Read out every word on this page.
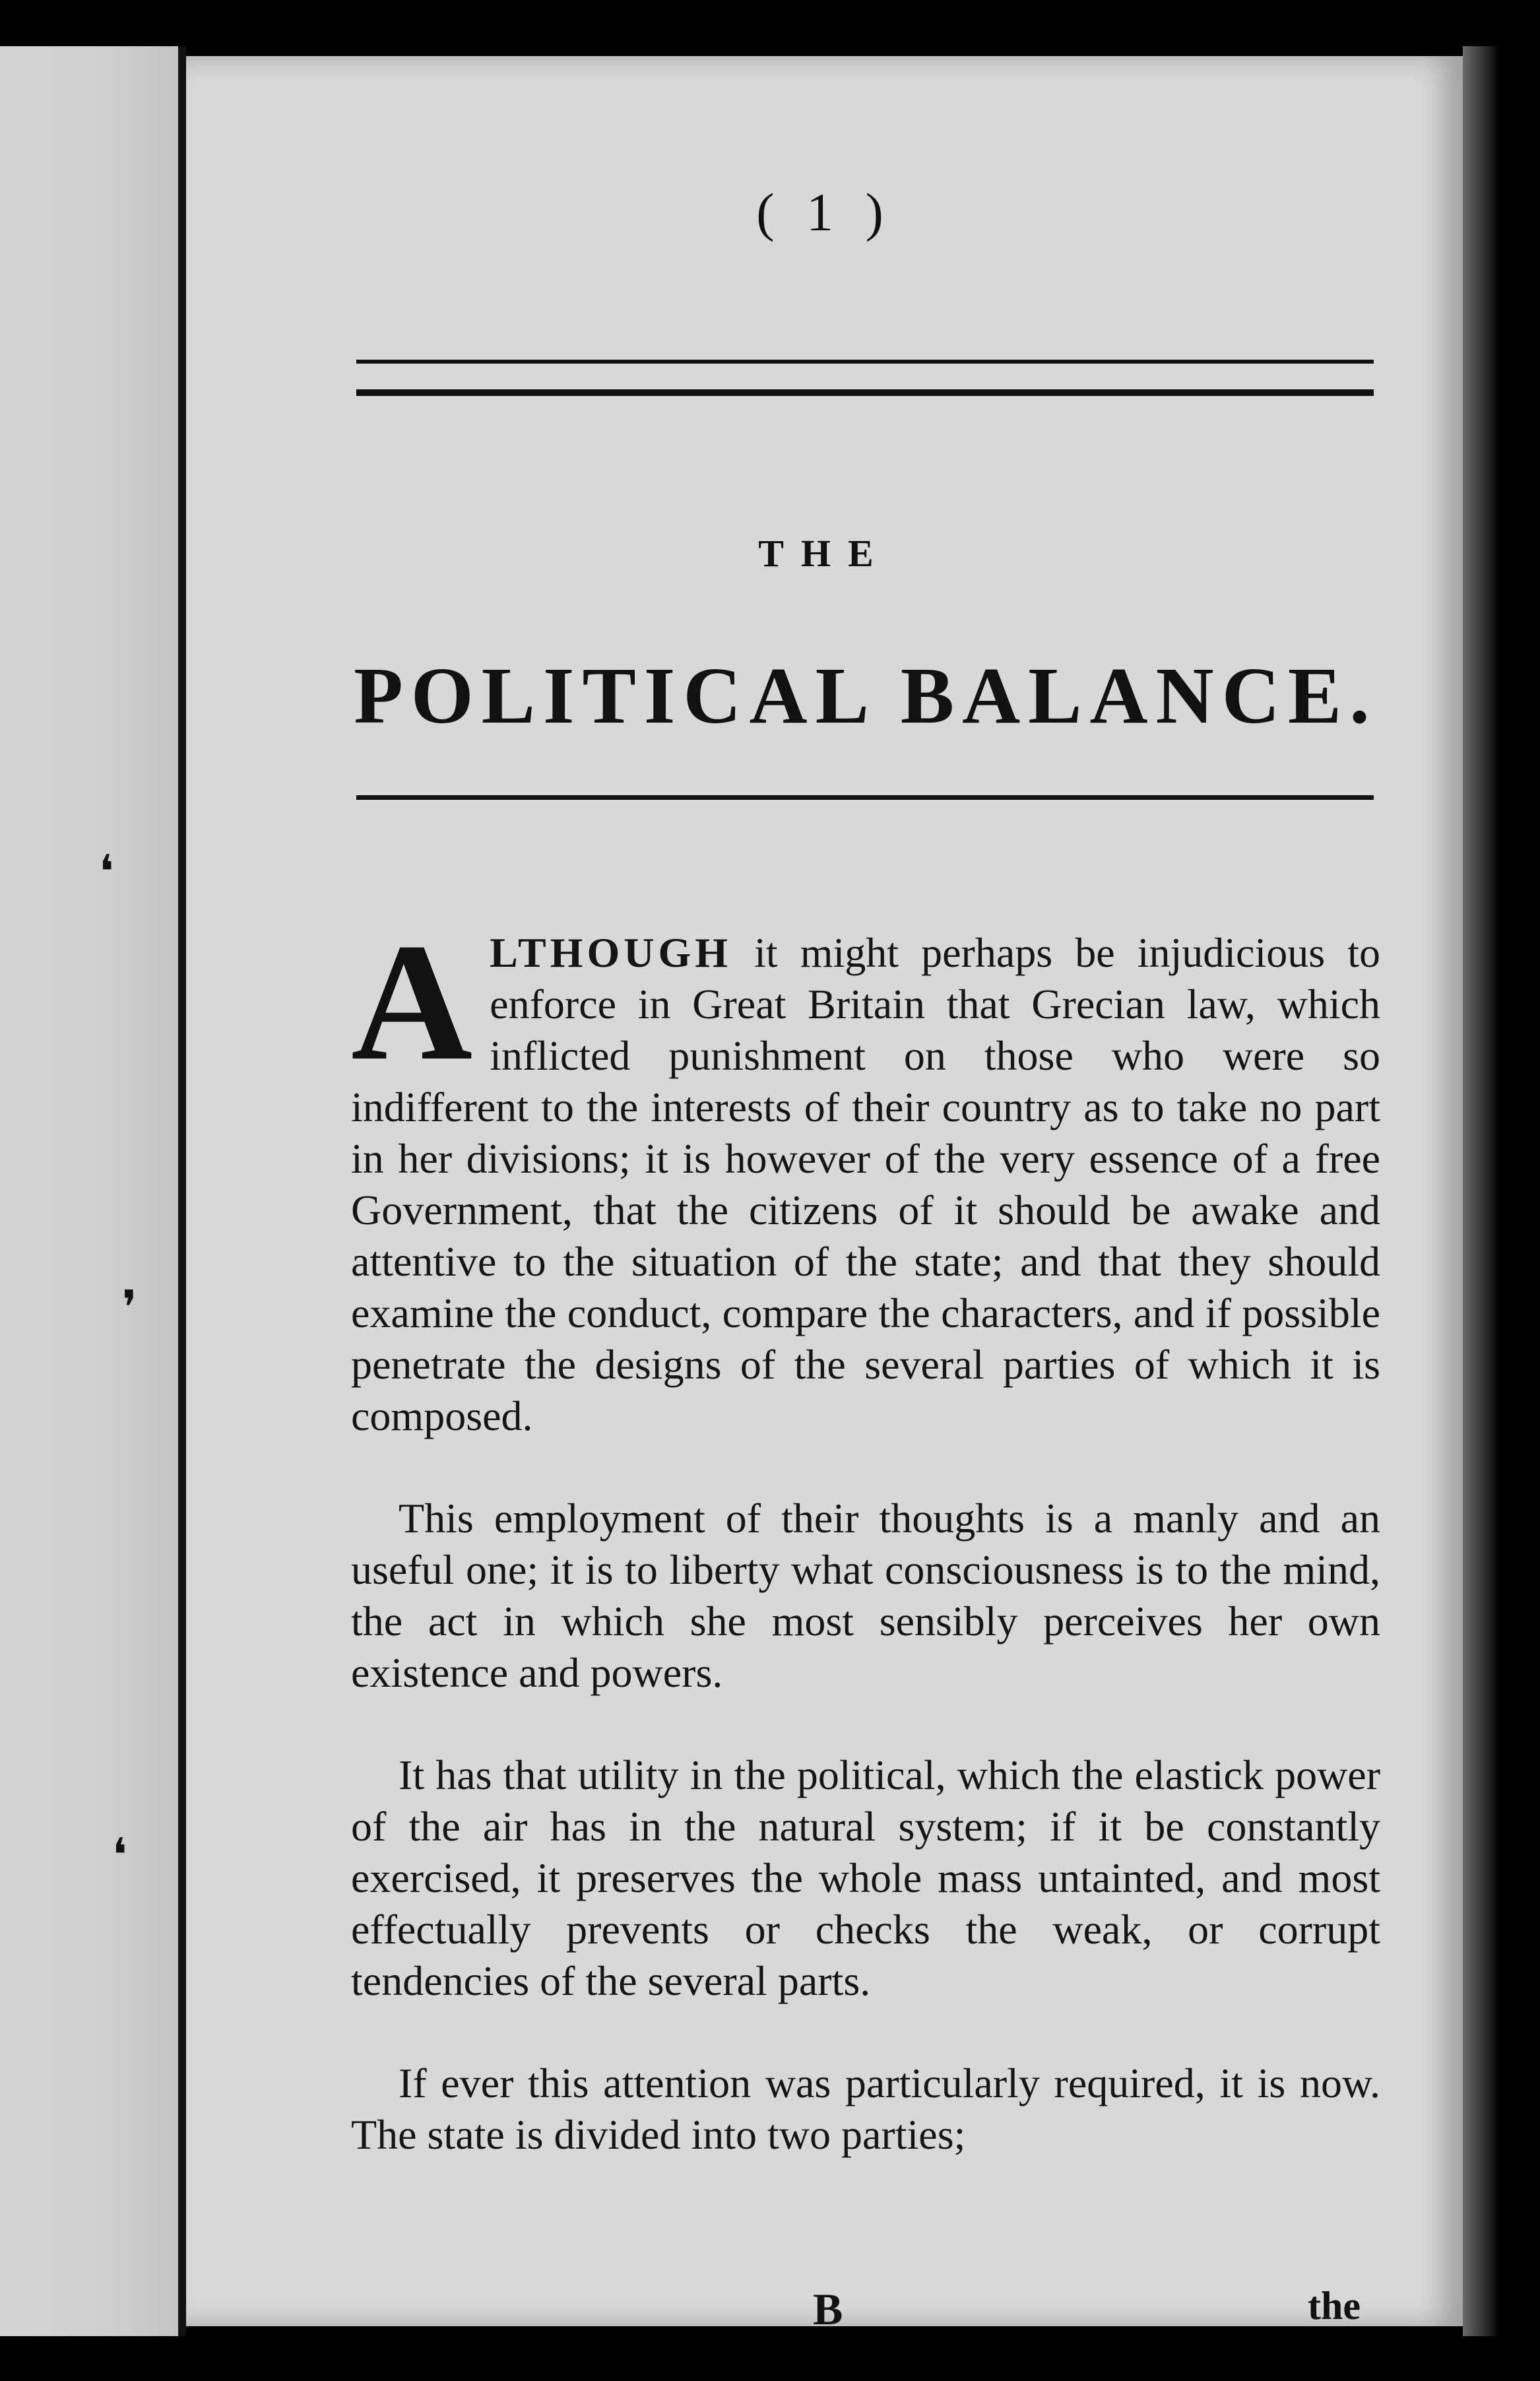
❛
❜
❛
( 1 )
THE
POLITICAL BALANCE.

A LTHOUGH it might perhaps be injudicious to enforce in Great Britain that Grecian law, which inflicted punishment on those who were so indifferent to the interests of their country as to take no part in her divisions; it is however of the very essence of a free Government, that the citizens of it should be awake and attentive to the situation of the state; and that they should examine the conduct, compare the characters, and if possible penetrate the designs of the several parties of which it is composed.

This employment of their thoughts is a manly and an useful one; it is to liberty what consciousness is to the mind, the act in which she most sensibly perceives her own existence and powers.

It has that utility in the political, which the elastick power of the air has in the natural system; if it be constantly exercised, it preserves the whole mass untainted, and most effectually prevents or checks the weak, or corrupt tendencies of the several parts.

If ever this attention was particularly required, it is now. The state is divided into two parties;

B	the
